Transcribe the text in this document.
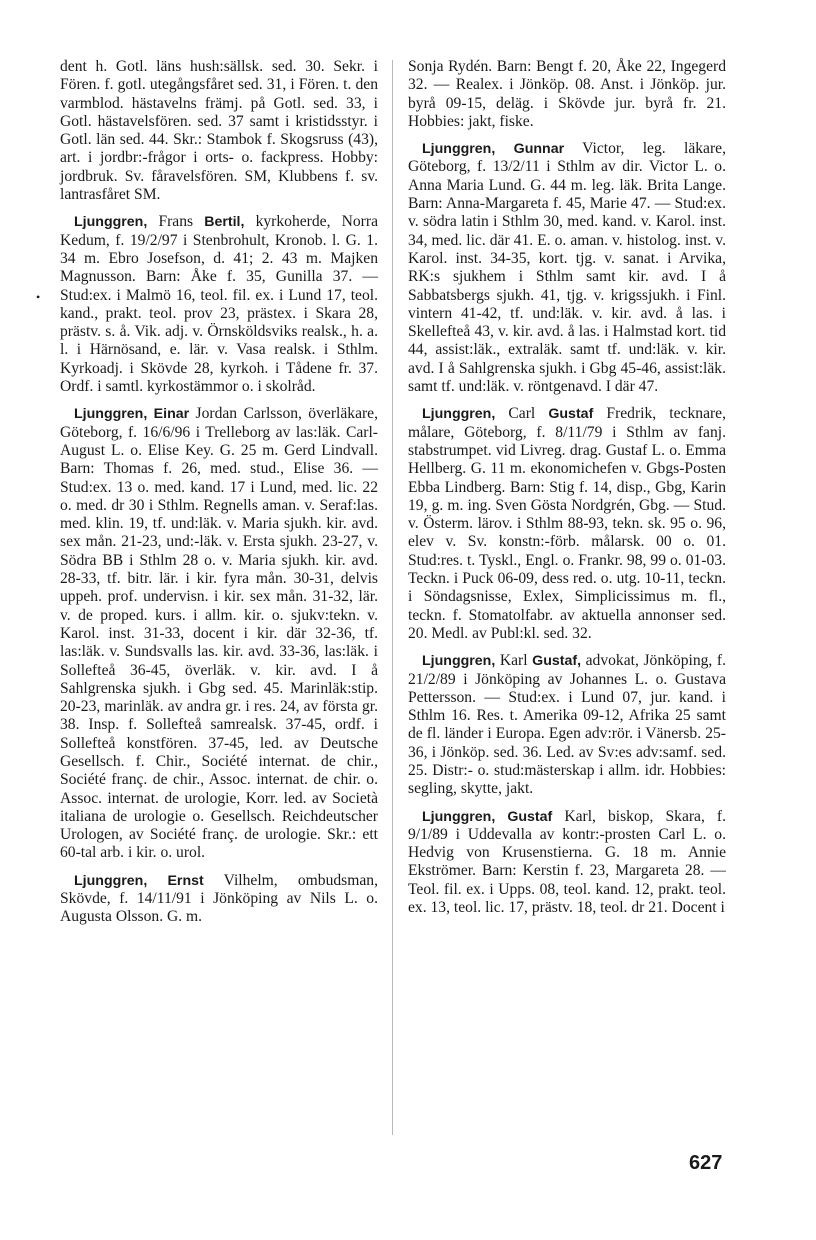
•

dent h. Gotl. läns hush:sällsk. sed. 30. Sekr. i Fören. f. gotl. utegångsfåret sed. 31, i Fören. t. den varmblod. hästavelns främj. på Gotl. sed. 33, i Gotl. hästavelsfören. sed. 37 samt i kristidsstyr. i Gotl. län sed. 44. Skr.: Stambok f. Skogsruss (43), art. i jordbr:-frågor i orts- o. fackpress. Hobby: jordbruk. Sv. fåravelsfören. SM, Klubbens f. sv. lantrasfåret SM.

Ljunggren, Frans Bertil, kyrkoherde, Norra Kedum, f. 19/2/97 i Stenbrohult, Kronob. l. G. 1. 34 m. Ebro Josefson, d. 41; 2. 43 m. Majken Magnusson. Barn: Åke f. 35, Gunilla 37. — Stud:ex. i Malmö 16, teol. fil. ex. i Lund 17, teol. kand., prakt. teol. prov 23, prästex. i Skara 28, prästv. s. å. Vik. adj. v. Örnsköldsviks realsk., h. a. l. i Härnösand, e. lär. v. Vasa realsk. i Sthlm. Kyrkoadj. i Skövde 28, kyrkoh. i Tådene fr. 37. Ordf. i samtl. kyrkostämmor o. i skolråd.

Ljunggren, Einar Jordan Carlsson, överläkare, Göteborg, f. 16/6/96 i Trelleborg av las:läk. Carl-August L. o. Elise Key. G. 25 m. Gerd Lindvall. Barn: Thomas f. 26, med. stud., Elise 36. — Stud:ex. 13 o. med. kand. 17 i Lund, med. lic. 22 o. med. dr 30 i Sthlm. Regnells aman. v. Seraf:las. med. klin. 19, tf. und:läk. v. Maria sjukh. kir. avd. sex mån. 21-23, und:-läk. v. Ersta sjukh. 23-27, v. Södra BB i Sthlm 28 o. v. Maria sjukh. kir. avd. 28-33, tf. bitr. lär. i kir. fyra mån. 30-31, delvis uppeh. prof. undervisn. i kir. sex mån. 31-32, lär. v. de proped. kurs. i allm. kir. o. sjukv:tekn. v. Karol. inst. 31-33, docent i kir. där 32-36, tf. las:läk. v. Sundsvalls las. kir. avd. 33-36, las:läk. i Sollefteå 36-45, överläk. v. kir. avd. I å Sahlgrenska sjukh. i Gbg sed. 45. Marinläk:stip. 20-23, marinläk. av andra gr. i res. 24, av första gr. 38. Insp. f. Sollefteå samrealsk. 37-45, ordf. i Sollefteå konstfören. 37-45, led. av Deutsche Gesellsch. f. Chir., Société internat. de chir., Société franç. de chir., Assoc. internat. de chir. o. Assoc. internat. de urologie, Korr. led. av Società italiana de urologie o. Gesellsch. Reichdeutscher Urologen, av Société franç. de urologie. Skr.: ett 60-tal arb. i kir. o. urol.

Ljunggren, Ernst Vilhelm, ombudsman, Skövde, f. 14/11/91 i Jönköping av Nils L. o. Augusta Olsson. G. m.

Sonja Rydén. Barn: Bengt f. 20, Åke 22, Ingegerd 32. — Realex. i Jönköp. 08. Anst. i Jönköp. jur. byrå 09-15, deläg. i Skövde jur. byrå fr. 21. Hobbies: jakt, fiske.

Ljunggren, Gunnar Victor, leg. läkare, Göteborg, f. 13/2/11 i Sthlm av dir. Victor L. o. Anna Maria Lund. G. 44 m. leg. läk. Brita Lange. Barn: Anna-Margareta f. 45, Marie 47. — Stud:ex. v. södra latin i Sthlm 30, med. kand. v. Karol. inst. 34, med. lic. där 41. E. o. aman. v. histolog. inst. v. Karol. inst. 34-35, kort. tjg. v. sanat. i Arvika, RK:s sjukhem i Sthlm samt kir. avd. I å Sabbatsbergs sjukh. 41, tjg. v. krigssjukh. i Finl. vintern 41-42, tf. und:läk. v. kir. avd. å las. i Skellefteå 43, v. kir. avd. å las. i Halmstad kort. tid 44, assist:läk., extraläk. samt tf. und:läk. v. kir. avd. I å Sahlgrenska sjukh. i Gbg 45-46, assist:läk. samt tf. und:läk. v. röntgenavd. I där 47.

Ljunggren, Carl Gustaf Fredrik, tecknare, målare, Göteborg, f. 8/11/79 i Sthlm av fanj. stabstrumpet. vid Livreg. drag. Gustaf L. o. Emma Hellberg. G. 11 m. ekonomichefen v. Gbgs-Posten Ebba Lindberg. Barn: Stig f. 14, disp., Gbg, Karin 19, g. m. ing. Sven Gösta Nordgrén, Gbg. — Stud. v. Österm. lärov. i Sthlm 88-93, tekn. sk. 95 o. 96, elev v. Sv. konstn:-förb. målarsk. 00 o. 01. Stud:res. t. Tyskl., Engl. o. Frankr. 98, 99 o. 01-03. Teckn. i Puck 06-09, dess red. o. utg. 10-11, teckn. i Söndagsnisse, Exlex, Simplicissimus m. fl., teckn. f. Stomatolfabr. av aktuella annonser sed. 20. Medl. av Publ:kl. sed. 32.

Ljunggren, Karl Gustaf, advokat, Jönköping, f. 21/2/89 i Jönköping av Johannes L. o. Gustava Pettersson. — Stud:ex. i Lund 07, jur. kand. i Sthlm 16. Res. t. Amerika 09-12, Afrika 25 samt de fl. länder i Europa. Egen adv:rör. i Vänersb. 25-36, i Jönköp. sed. 36. Led. av Sv:es adv:samf. sed. 25. Distr:- o. stud:mästerskap i allm. idr. Hobbies: segling, skytte, jakt.

Ljunggren, Gustaf Karl, biskop, Skara, f. 9/1/89 i Uddevalla av kontr:-prosten Carl L. o. Hedvig von Krusenstierna. G. 18 m. Annie Ekströmer. Barn: Kerstin f. 23, Margareta 28. — Teol. fil. ex. i Upps. 08, teol. kand. 12, prakt. teol. ex. 13, teol. lic. 17, prästv. 18, teol. dr 21. Docent i

627
